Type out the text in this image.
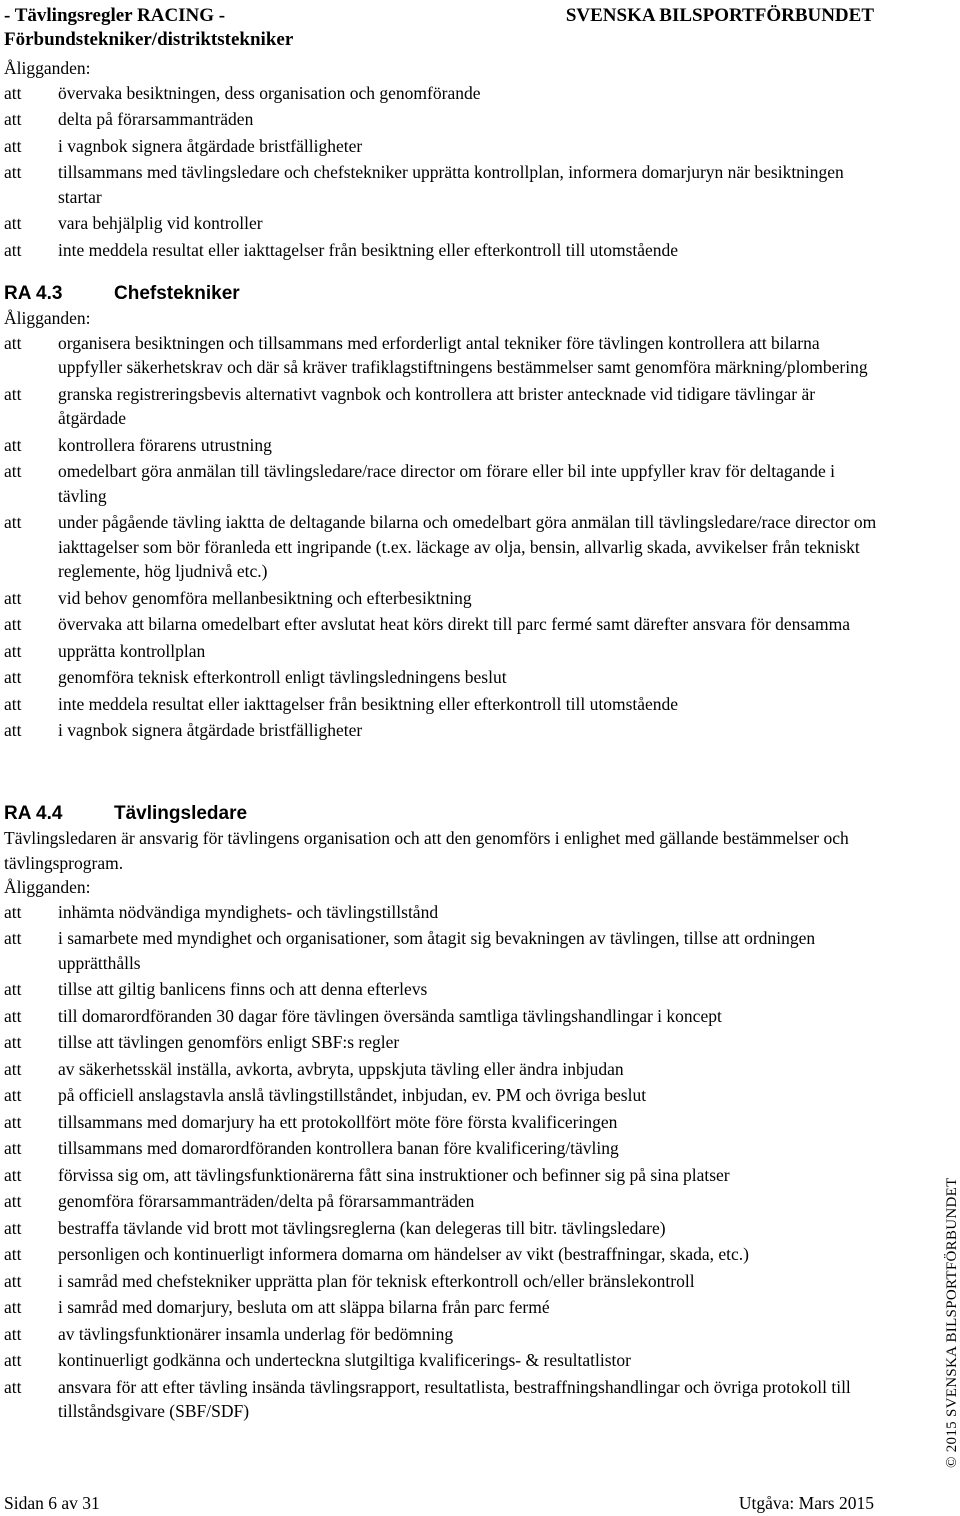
- Tävlingsregler RACING -	SVENSKA BILSPORTFÖRBUNDET
Förbundstekniker/distriktstekniker
Åligganden:
att	övervaka besiktningen, dess organisation och genomförande
att	delta på förarsammanträden
att	i vagnbok signera åtgärdade bristfälligheter
att	tillsammans med tävlingsledare och chefstekniker upprätta kontrollplan, informera domarjuryn när besiktningen startar
att	vara behjälplig vid kontroller
att	inte meddela resultat eller iakttagelser från besiktning eller efterkontroll till utomstående
RA 4.3	Chefstekniker
Åligganden:
att	organisera besiktningen och tillsammans med erforderligt antal tekniker före tävlingen kontrollera att bilarna uppfyller säkerhetskrav och där så kräver trafiklagstiftningens bestämmelser samt genomföra märkning/plombering
att	granska registreringsbevis alternativt vagnbok och kontrollera att brister antecknade vid tidigare tävlingar är åtgärdade
att	kontrollera förarens utrustning
att	omedelbart göra anmälan till tävlingsledare/race director om förare eller bil inte uppfyller krav för deltagande i tävling
att	under pågående tävling iaktta de deltagande bilarna och omedelbart göra anmälan till tävlingsledare/race director om iakttagelser som bör föranleda ett ingripande (t.ex. läckage av olja, bensin, allvarlig skada, avvikelser från tekniskt reglemente, hög ljudnivå etc.)
att	vid behov genomföra mellanbesiktning och efterbesiktning
att	övervaka att bilarna omedelbart efter avslutat heat körs direkt till parc fermé samt därefter ansvara för densamma
att	upprätta kontrollplan
att	genomföra teknisk efterkontroll enligt tävlingsledningens beslut
att	inte meddela resultat eller iakttagelser från besiktning eller efterkontroll till utomstående
att	i vagnbok signera åtgärdade bristfälligheter
RA 4.4	Tävlingsledare
Tävlingsledaren är ansvarig för tävlingens organisation och att den genomförs i enlighet med gällande bestämmelser och tävlingsprogram.
Åligganden:
att	inhämta nödvändiga myndighets- och tävlingstillstånd
att	i samarbete med myndighet och organisationer, som åtagit sig bevakningen av tävlingen, tillse att ordningen upprätthålls
att	tillse att giltig banlicens finns och att denna efterlevs
att	till domarordföranden 30 dagar före tävlingen översända samtliga tävlingshandlingar i koncept
att	tillse att tävlingen genomförs enligt SBF:s regler
att	av säkerhetsskäl inställa, avkorta, avbryta, uppskjuta tävling eller ändra inbjudan
att	på officiell anslagstavla anslå tävlingstillståndet, inbjudan, ev. PM och övriga beslut
att	tillsammans med domarjury ha ett protokollfört möte före första kvalificeringen
att	tillsammans med domarordföranden kontrollera banan före kvalificering/tävling
att	förvissa sig om, att tävlingsfunktionärerna fått sina instruktioner och befinner sig på sina platser
att	genomföra förarsammanträden/delta på förarsammanträden
att	bestraffa tävlande vid brott mot tävlingsreglerna (kan delegeras till bitr. tävlingsledare)
att	personligen och kontinuerligt informera domarna om händelser av vikt (bestraffningar, skada, etc.)
att	i samråd med chefstekniker upprätta plan för teknisk efterkontroll och/eller bränslekontroll
att	i samråd med domarjury, besluta om att släppa bilarna från parc fermé
att	av tävlingsfunktionärer insamla underlag för bedömning
att	kontinuerligt godkänna och underteckna slutgiltiga kvalificerings- & resultatlistor
att	ansvara för att efter tävling insända tävlingsrapport, resultatlista, bestraffningshandlingar och övriga protokoll till tillståndsgivare (SBF/SDF)	© 2015 SVENSKA BILSPORTFÖRBUNDET
Sidan 6 av 31	Utgåva: Mars 2015
